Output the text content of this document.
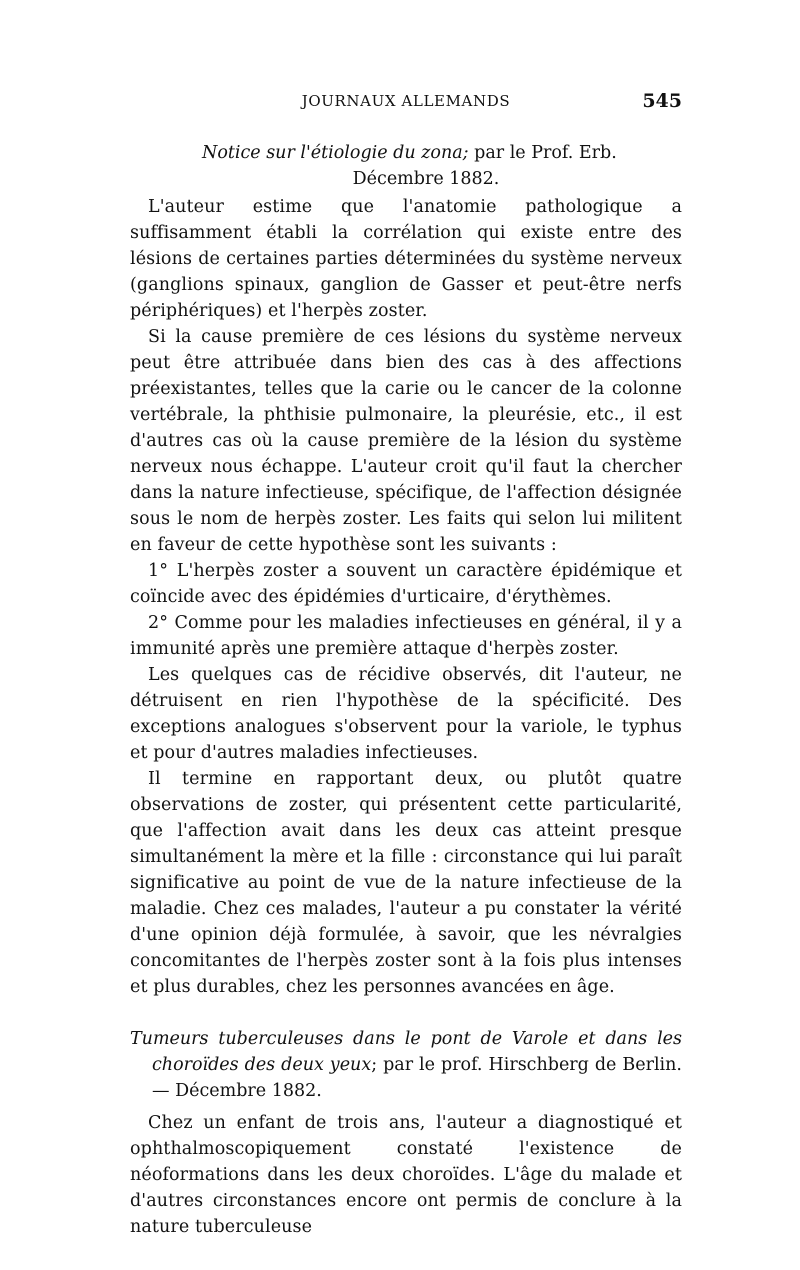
JOURNAUX ALLEMANDS	545

Notice sur l'étiologie du zona; par le Prof. Erb.

Décembre 1882.

L'auteur estime que l'anatomie pathologique a suffisamment établi la corrélation qui existe entre des lésions de certaines parties déterminées du système nerveux (ganglions spinaux, ganglion de Gasser et peut-être nerfs périphériques) et l'herpès zoster.

Si la cause première de ces lésions du système nerveux peut être attribuée dans bien des cas à des affections préexistantes, telles que la carie ou le cancer de la colonne vertébrale, la phthisie pulmonaire, la pleurésie, etc., il est d'autres cas où la cause première de la lésion du système nerveux nous échappe. L'auteur croit qu'il faut la chercher dans la nature infectieuse, spécifique, de l'affection désignée sous le nom de herpès zoster. Les faits qui selon lui militent en faveur de cette hypothèse sont les suivants :

1° L'herpès zoster a souvent un caractère épidémique et coïncide avec des épidémies d'urticaire, d'érythèmes.

2° Comme pour les maladies infectieuses en général, il y a immunité après une première attaque d'herpès zoster.

Les quelques cas de récidive observés, dit l'auteur, ne détruisent en rien l'hypothèse de la spécificité. Des exceptions analogues s'observent pour la variole, le typhus et pour d'autres maladies infectieuses.

Il termine en rapportant deux, ou plutôt quatre observations de zoster, qui présentent cette particularité, que l'affection avait dans les deux cas atteint presque simultanément la mère et la fille : circonstance qui lui paraît significative au point de vue de la nature infectieuse de la maladie. Chez ces malades, l'auteur a pu constater la vérité d'une opinion déjà formulée, à savoir, que les névralgies concomitantes de l'herpès zoster sont à la fois plus intenses et plus durables, chez les personnes avancées en âge.

Tumeurs tuberculeuses dans le pont de Varole et dans les choroïdes des deux yeux; par le prof. Hirschberg de Berlin. — Décembre 1882.

Chez un enfant de trois ans, l'auteur a diagnostiqué et ophthalmoscopiquement constaté l'existence de néoformations dans les deux choroïdes. L'âge du malade et d'autres circonstances encore ont permis de conclure à la nature tuberculeuse
